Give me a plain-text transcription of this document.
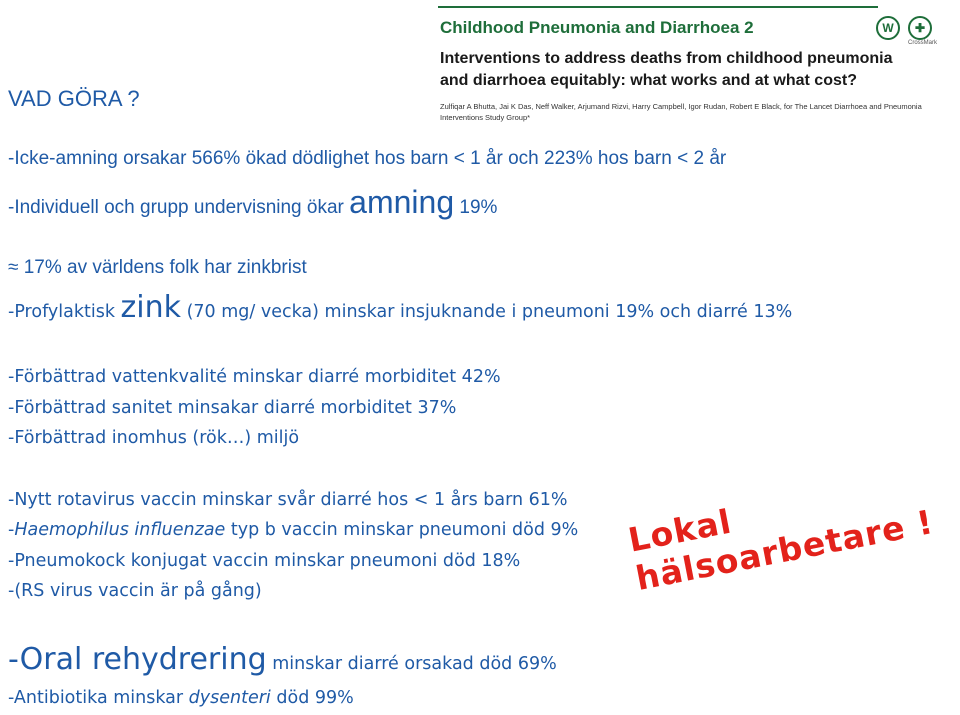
Childhood Pneumonia and Diarrhoea 2
Interventions to address deaths from childhood pneumonia
and diarrhoea equitably: what works and at what cost?
Zulfiqar A Bhutta, Jai K Das, Neff Walker, Arjumand Rizvi, Harry Campbell, Igor Rudan, Robert E Black, for The Lancet Diarrhoea and Pneumonia
Interventions Study Group*
W	✚
CrossMark
VAD GÖRA ?
-Icke-amning orsakar 566% ökad dödlighet hos barn < 1 år och 223% hos barn < 2 år
-Individuell och grupp undervisning ökar amning 19%
≈ 17% av världens folk har zinkbrist
-Profylaktisk zink (70 mg/ vecka) minskar insjuknande i pneumoni 19% och diarré 13%
-Förbättrad vattenkvalité minskar diarré morbiditet 42%
-Förbättrad sanitet minsakar diarré morbiditet 37%
-Förbättrad inomhus (rök…) miljö
-Nytt rotavirus vaccin minskar svår diarré hos < 1 års barn 61%
-Haemophilus influenzae typ b vaccin minskar pneumoni död 9%
-Pneumokock konjugat vaccin minskar pneumoni död 18%
-(RS virus vaccin är på gång)
-Oral rehydrering minskar diarré orsakad död 69%
-Antibiotika minskar dysenteri död 99%
Lokal hälsoarbetare !
